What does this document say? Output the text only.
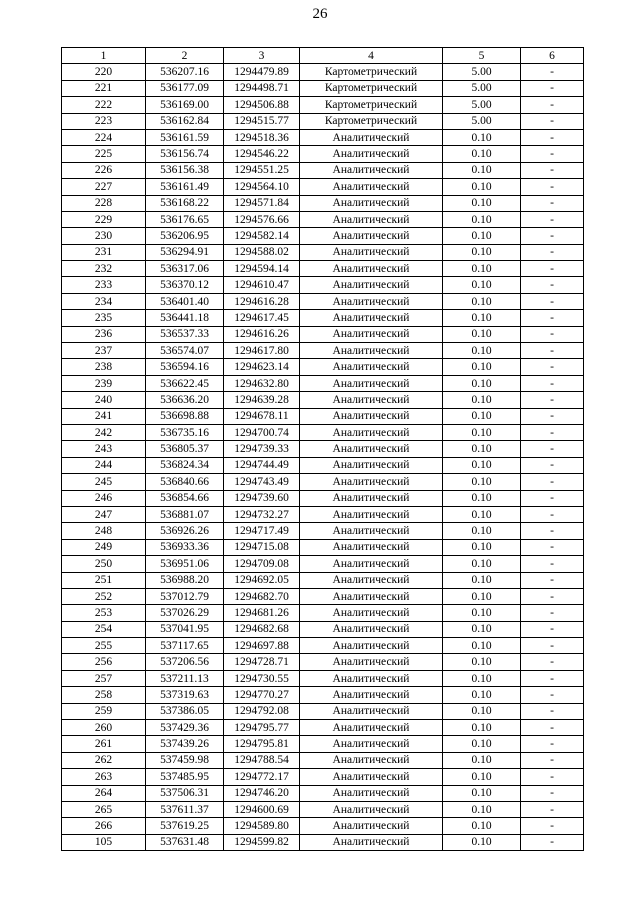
26
1	2	3	4	5	6
220	536207.16	1294479.89	Картометрический	5.00	-
221	536177.09	1294498.71	Картометрический	5.00	-
222	536169.00	1294506.88	Картометрический	5.00	-
223	536162.84	1294515.77	Картометрический	5.00	-
224	536161.59	1294518.36	Аналитический	0.10	-
225	536156.74	1294546.22	Аналитический	0.10	-
226	536156.38	1294551.25	Аналитический	0.10	-
227	536161.49	1294564.10	Аналитический	0.10	-
228	536168.22	1294571.84	Аналитический	0.10	-
229	536176.65	1294576.66	Аналитический	0.10	-
230	536206.95	1294582.14	Аналитический	0.10	-
231	536294.91	1294588.02	Аналитический	0.10	-
232	536317.06	1294594.14	Аналитический	0.10	-
233	536370.12	1294610.47	Аналитический	0.10	-
234	536401.40	1294616.28	Аналитический	0.10	-
235	536441.18	1294617.45	Аналитический	0.10	-
236	536537.33	1294616.26	Аналитический	0.10	-
237	536574.07	1294617.80	Аналитический	0.10	-
238	536594.16	1294623.14	Аналитический	0.10	-
239	536622.45	1294632.80	Аналитический	0.10	-
240	536636.20	1294639.28	Аналитический	0.10	-
241	536698.88	1294678.11	Аналитический	0.10	-
242	536735.16	1294700.74	Аналитический	0.10	-
243	536805.37	1294739.33	Аналитический	0.10	-
244	536824.34	1294744.49	Аналитический	0.10	-
245	536840.66	1294743.49	Аналитический	0.10	-
246	536854.66	1294739.60	Аналитический	0.10	-
247	536881.07	1294732.27	Аналитический	0.10	-
248	536926.26	1294717.49	Аналитический	0.10	-
249	536933.36	1294715.08	Аналитический	0.10	-
250	536951.06	1294709.08	Аналитический	0.10	-
251	536988.20	1294692.05	Аналитический	0.10	-
252	537012.79	1294682.70	Аналитический	0.10	-
253	537026.29	1294681.26	Аналитический	0.10	-
254	537041.95	1294682.68	Аналитический	0.10	-
255	537117.65	1294697.88	Аналитический	0.10	-
256	537206.56	1294728.71	Аналитический	0.10	-
257	537211.13	1294730.55	Аналитический	0.10	-
258	537319.63	1294770.27	Аналитический	0.10	-
259	537386.05	1294792.08	Аналитический	0.10	-
260	537429.36	1294795.77	Аналитический	0.10	-
261	537439.26	1294795.81	Аналитический	0.10	-
262	537459.98	1294788.54	Аналитический	0.10	-
263	537485.95	1294772.17	Аналитический	0.10	-
264	537506.31	1294746.20	Аналитический	0.10	-
265	537611.37	1294600.69	Аналитический	0.10	-
266	537619.25	1294589.80	Аналитический	0.10	-
105	537631.48	1294599.82	Аналитический	0.10	-
